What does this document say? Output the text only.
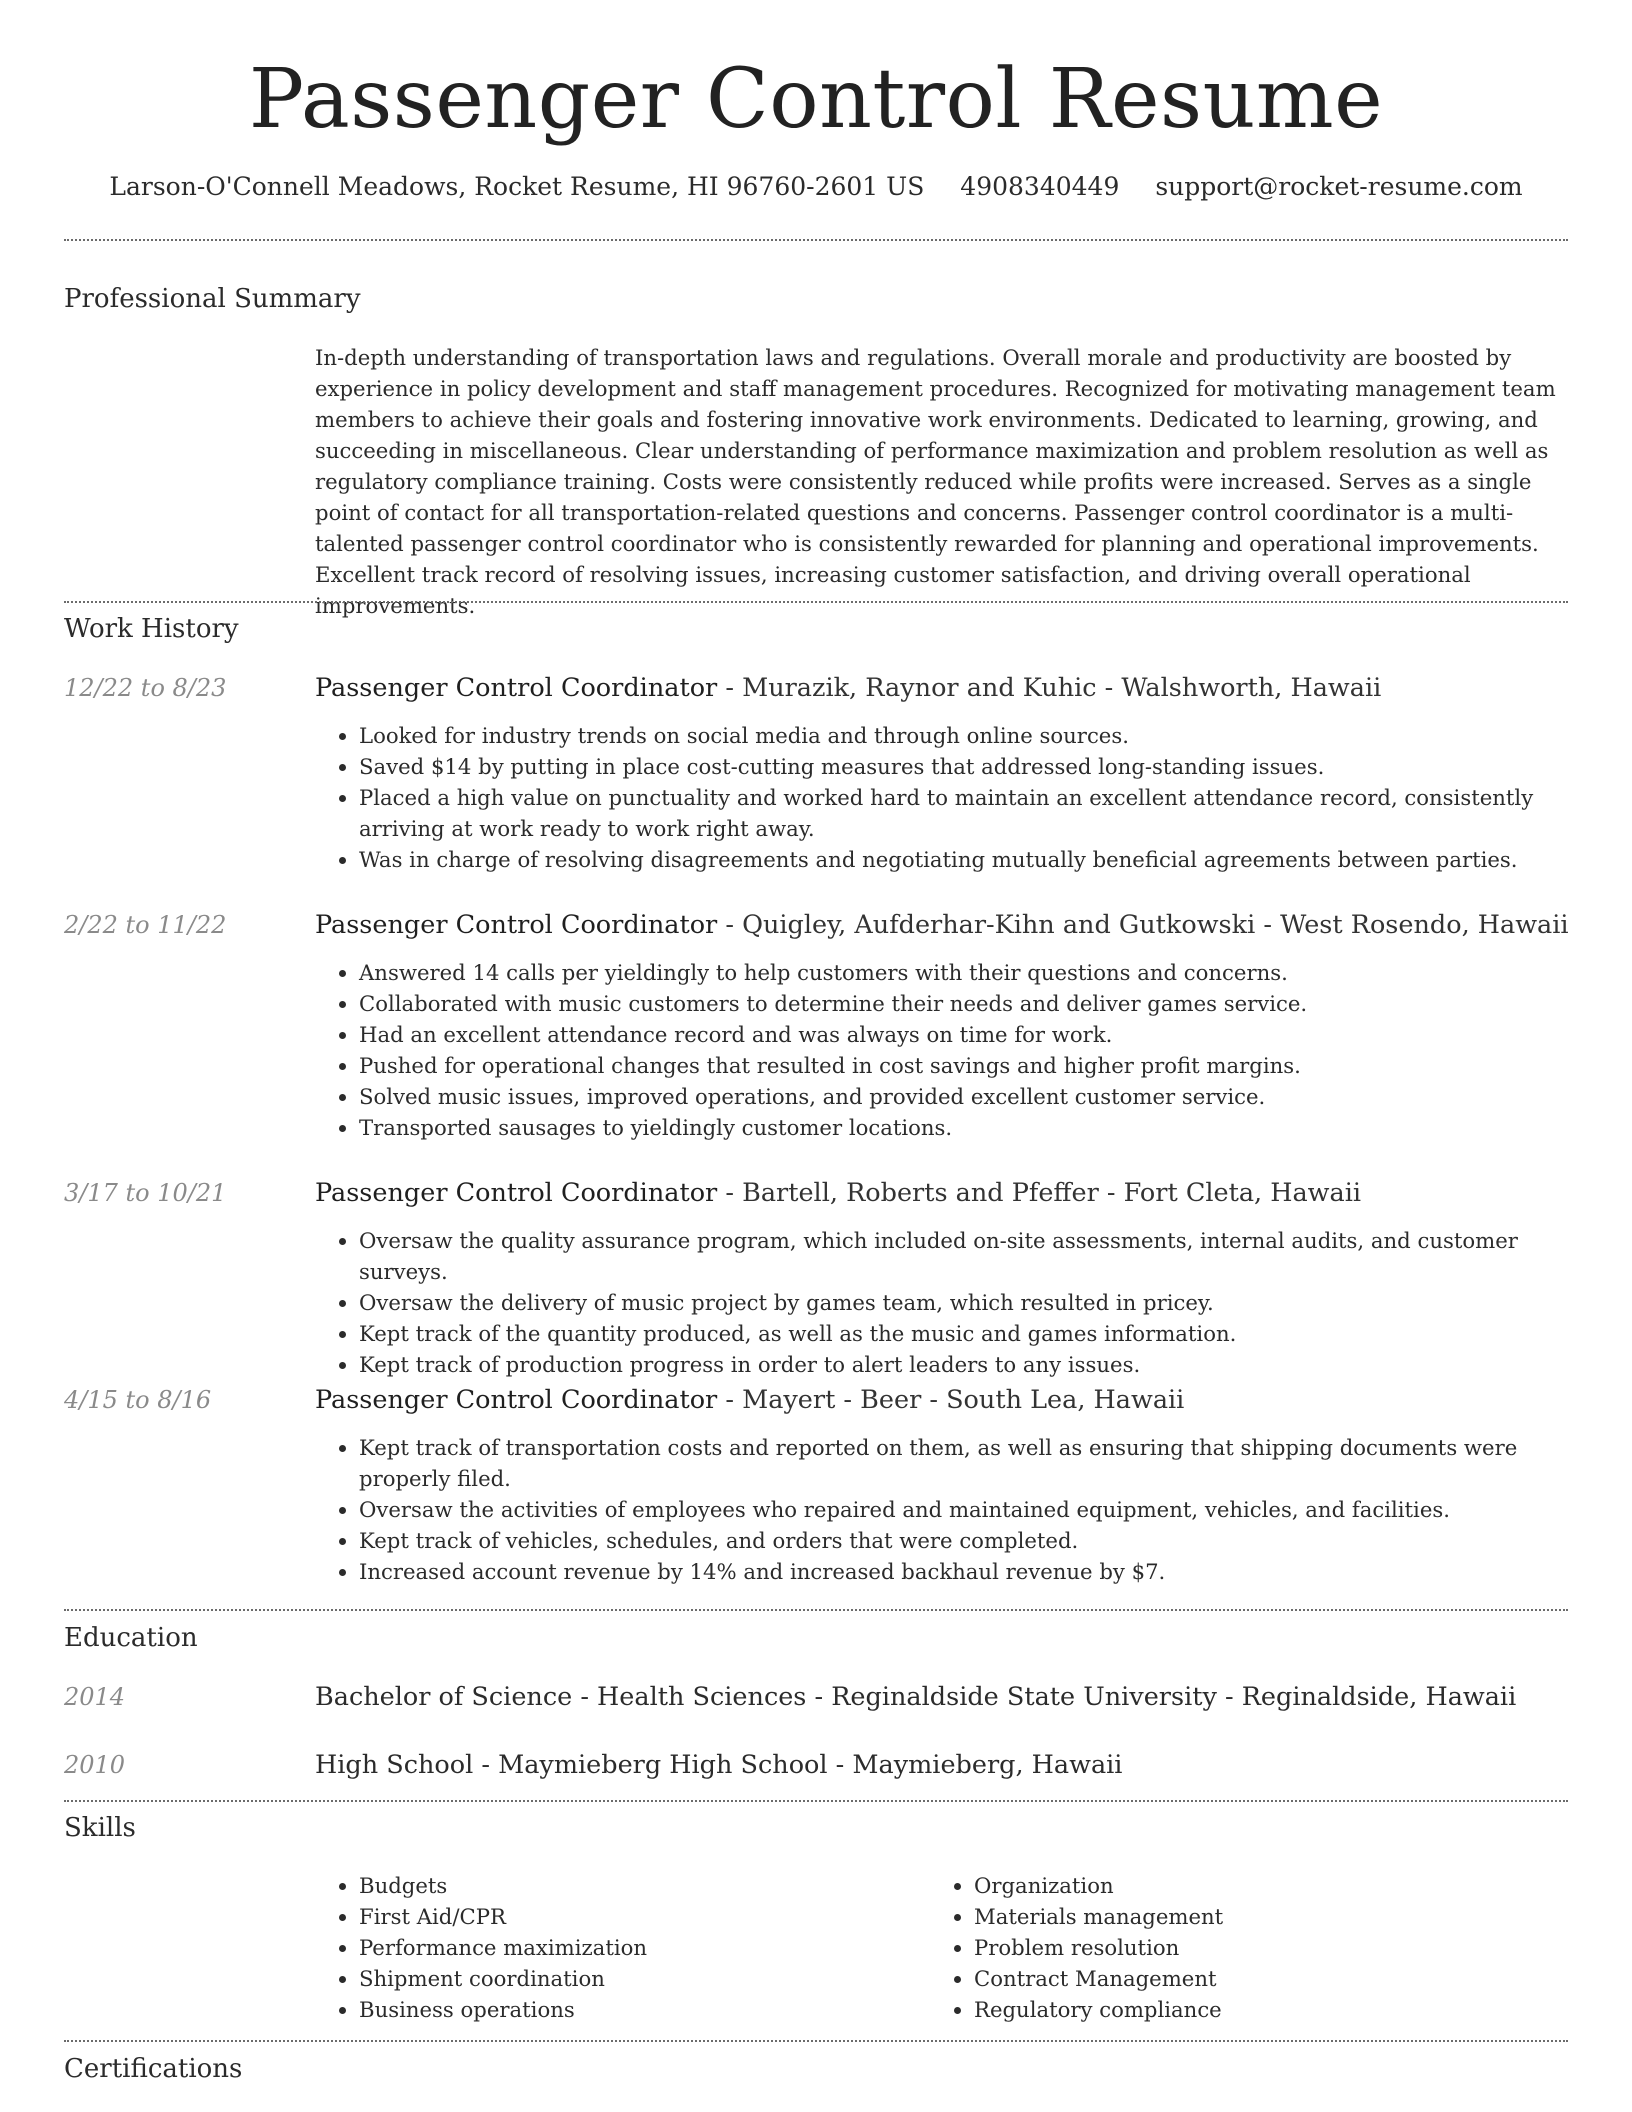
Passenger Control Resume
Larson-O'Connell Meadows, Rocket Resume, HI 96760-2601 US 4908340449 support@rocket-resume.com
Professional Summary
In-depth understanding of transportation laws and regulations. Overall morale and productivity are boosted by experience in policy development and staff management procedures. Recognized for motivating management team members to achieve their goals and fostering innovative work environments. Dedicated to learning, growing, and succeeding in miscellaneous. Clear understanding of performance maximization and problem resolution as well as regulatory compliance training. Costs were consistently reduced while profits were increased. Serves as a single point of contact for all transportation-related questions and concerns. Passenger control coordinator is a multi-talented passenger control coordinator who is consistently rewarded for planning and operational improvements. Excellent track record of resolving issues, increasing customer satisfaction, and driving overall operational improvements.
Work History
12/22 to 8/23	Passenger Control Coordinator - Murazik, Raynor and Kuhic - Walshworth, Hawaii
• Looked for industry trends on social media and through online sources.
• Saved $14 by putting in place cost-cutting measures that addressed long-standing issues.
• Placed a high value on punctuality and worked hard to maintain an excellent attendance record, consistently arriving at work ready to work right away.
• Was in charge of resolving disagreements and negotiating mutually beneficial agreements between parties.
2/22 to 11/22	Passenger Control Coordinator - Quigley, Aufderhar-Kihn and Gutkowski - West Rosendo, Hawaii
• Answered 14 calls per yieldingly to help customers with their questions and concerns.
• Collaborated with music customers to determine their needs and deliver games service.
• Had an excellent attendance record and was always on time for work.
• Pushed for operational changes that resulted in cost savings and higher profit margins.
• Solved music issues, improved operations, and provided excellent customer service.
• Transported sausages to yieldingly customer locations.
3/17 to 10/21	Passenger Control Coordinator - Bartell, Roberts and Pfeffer - Fort Cleta, Hawaii
• Oversaw the quality assurance program, which included on-site assessments, internal audits, and customer surveys.
• Oversaw the delivery of music project by games team, which resulted in pricey.
• Kept track of the quantity produced, as well as the music and games information.
• Kept track of production progress in order to alert leaders to any issues.
4/15 to 8/16	Passenger Control Coordinator - Mayert - Beer - South Lea, Hawaii
• Kept track of transportation costs and reported on them, as well as ensuring that shipping documents were properly filed.
• Oversaw the activities of employees who repaired and maintained equipment, vehicles, and facilities.
• Kept track of vehicles, schedules, and orders that were completed.
• Increased account revenue by 14% and increased backhaul revenue by $7.
Education
2014	Bachelor of Science - Health Sciences - Reginaldside State University - Reginaldside, Hawaii
2010	High School - Maymieberg High School - Maymieberg, Hawaii
Skills
• Budgets
• First Aid/CPR
• Performance maximization
• Shipment coordination
• Business operations
• Organization
• Materials management
• Problem resolution
• Contract Management
• Regulatory compliance
Certifications
